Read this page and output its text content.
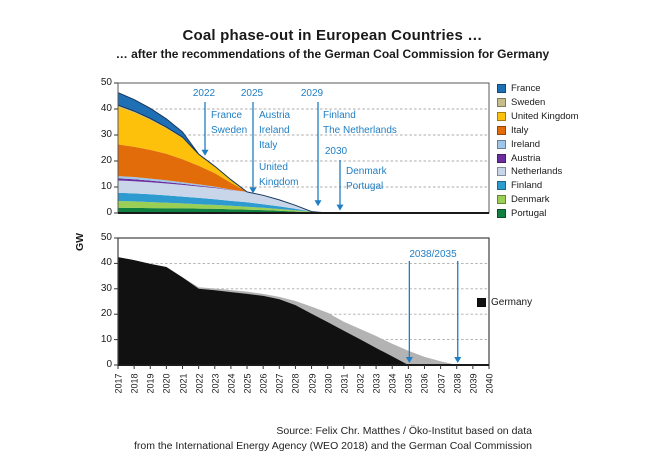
Coal phase-out in European Countries …
… after the recommendations of the German Coal Commission for Germany
GW
0
10
20
30
40
50
0
10
20
30
40
50
2017 2018 2019 2020 2021 2022 2023 2024 2025 2026 2027 2028 2029 2030 2031 2032 2033 2034 2035 2036 2037 2038 2039 2040
France
Sweden
United Kingdom
Italy
Ireland
Austria
Netherlands
Finland
Denmark
Portugal
Germany
2022
France
Sweden
2025
Austria
Ireland
Italy
United
Kingdom
2029
Finland
The Netherlands
2030
Denmark
Portugal
2038/2035
Source: Felix Chr. Matthes / Öko-Institut based on data
from the International Energy Agency (WEO 2018) and the German Coal Commission
